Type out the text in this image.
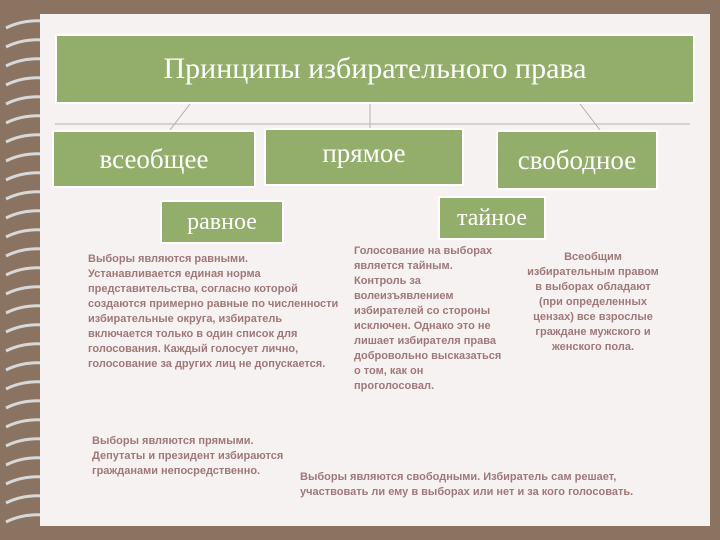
Принципы избирательного права
всеобщее	прямое	свободное
равное	тайное
Выборы являются равными.
Устанавливается единая норма
представительства, согласно которой
создаются примерно равные по численности
избирательные округа, избиратель
включается только в один список для
голосования. Каждый голосует лично,
голосование за других лиц не допускается.
Голосование на выборах
является тайным.
Контроль за
волеизъявлением
избирателей со стороны
исключен. Однако это не
лишает избирателя права
добровольно высказаться
о том, как он
проголосовал.
Всеобщим
избирательным правом
в выборах обладают
(при определенных
цензах) все взрослые
граждане мужского и
женского пола.
Выборы являются прямыми.
Депутаты и президент избираются
гражданами непосредственно.	Выборы являются свободными. Избиратель сам решает,
участвовать ли ему в выборах или нет и за кого голосовать.
